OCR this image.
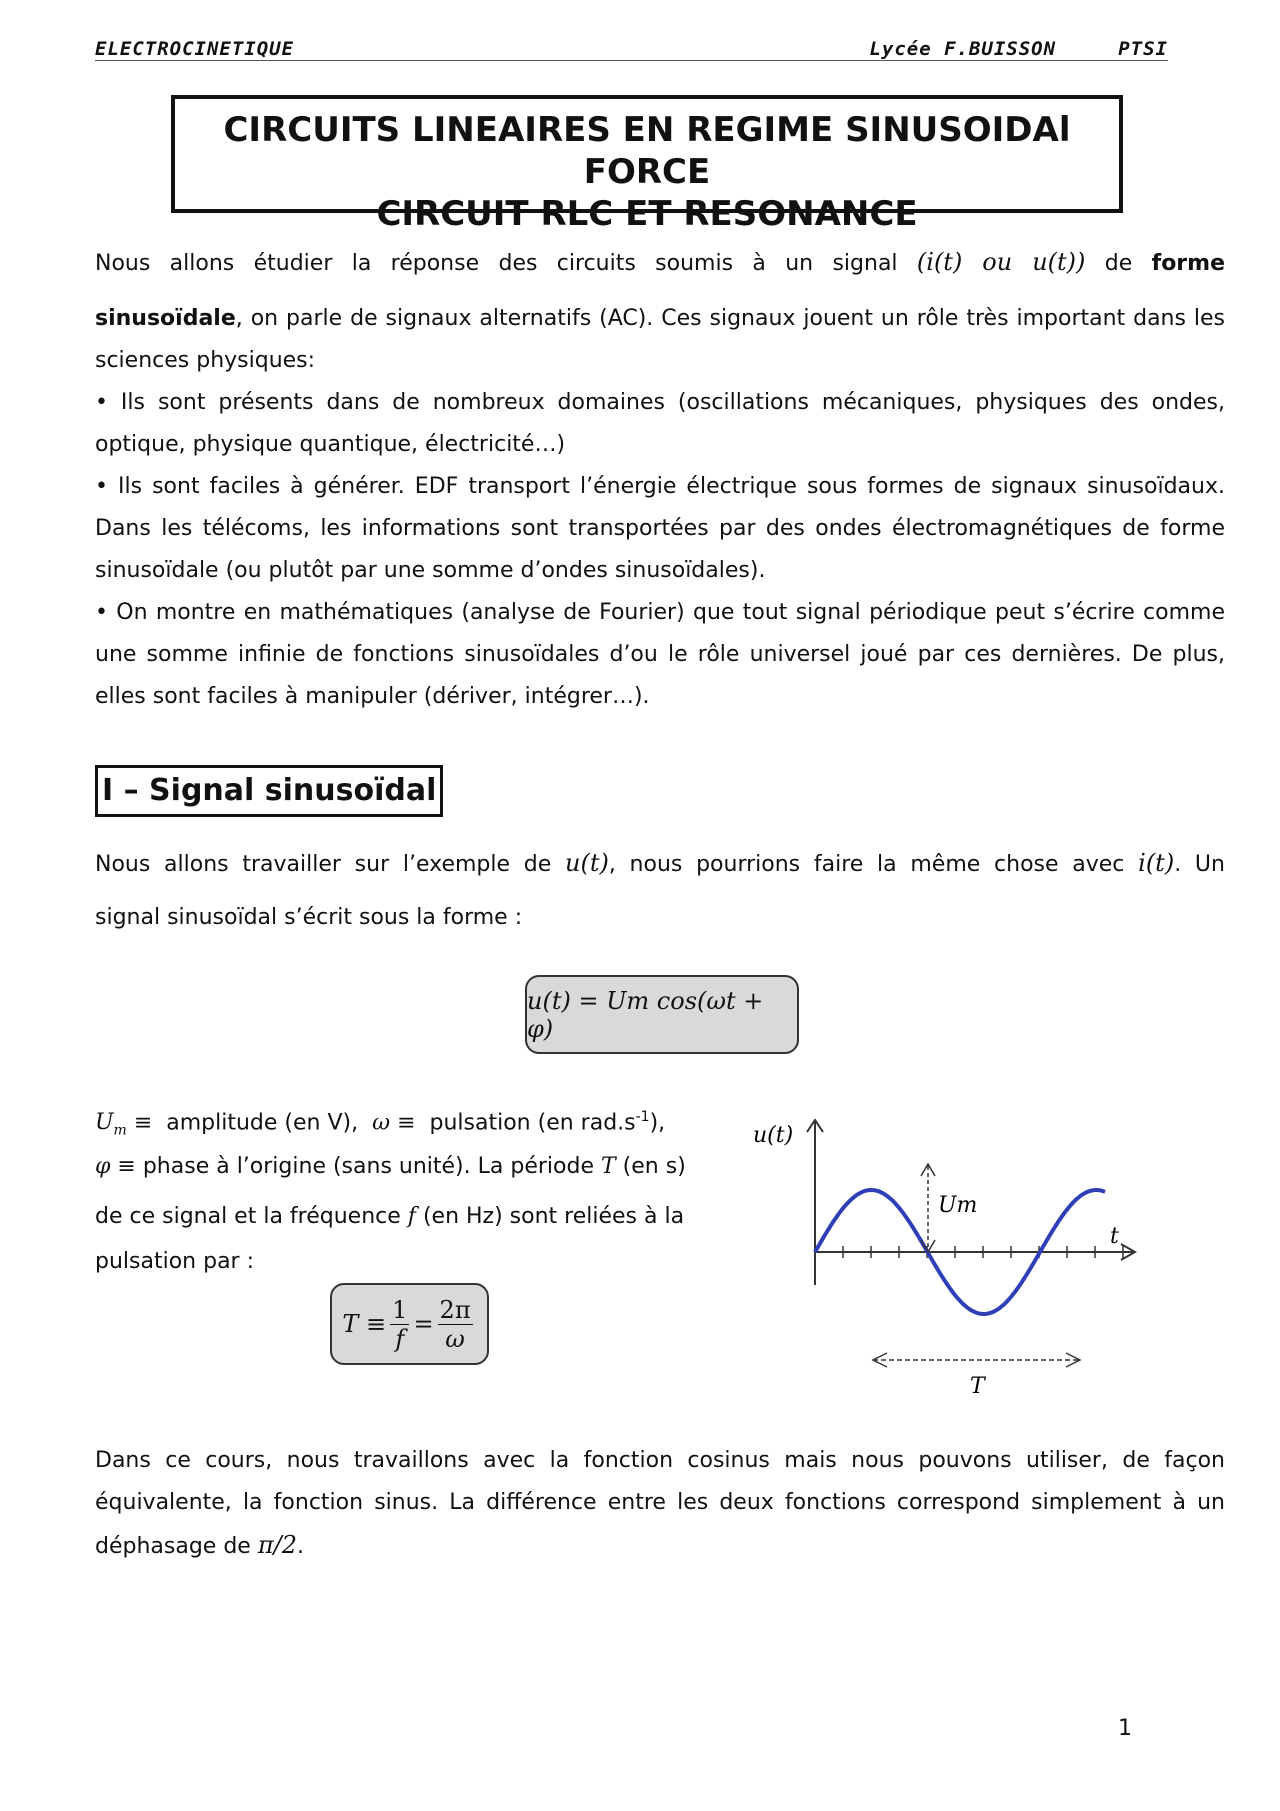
ELECTROCINETIQUE	Lycée F.BUISSON     PTSI
CIRCUITS LINEAIRES EN REGIME SINUSOIDAl FORCE
CIRCUIT RLC ET RESONANCE
Nous allons étudier la réponse des circuits soumis à un signal (i(t) ou u(t)) de forme
sinusoïdale, on parle de signaux alternatifs (AC). Ces signaux jouent un rôle très important dans les sciences physiques:
• Ils sont présents dans de nombreux domaines (oscillations mécaniques, physiques des ondes, optique, physique quantique, électricité…)
• Ils sont faciles à générer. EDF transport l’énergie électrique sous formes de signaux sinusoïdaux. Dans les télécoms, les informations sont transportées par des ondes électromagnétiques de forme sinusoïdale (ou plutôt par une somme d’ondes sinusoïdales).
• On montre en mathématiques (analyse de Fourier) que tout signal périodique peut s’écrire comme une somme infinie de fonctions sinusoïdales d’ou le rôle universel joué par ces dernières. De plus, elles sont faciles à manipuler (dériver, intégrer…).
I – Signal sinusoïdal
Nous allons travailler sur l’exemple de u(t), nous pourrions faire la même chose avec i(t). Un
signal sinusoïdal s’écrit sous la forme :
u(t) = Um cos(ωt + φ)
$U_m$ ≡ amplitude (en V), ω ≡ pulsation (en $rad.s^{-1}$),
φ ≡ phase à l’origine (sans unité). La période T (en s)
de ce signal et la fréquence f (en Hz) sont reliées à la
pulsation par :
T
≡ $\frac{1}{f} = \frac{2\pi}{\omega}$
u(t)
t
Um
T
Dans ce cours, nous travaillons avec la fonction cosinus mais nous pouvons utiliser, de façon équivalente, la fonction sinus. La différence entre les deux fonctions correspond simplement à un déphasage de π/2.
1
